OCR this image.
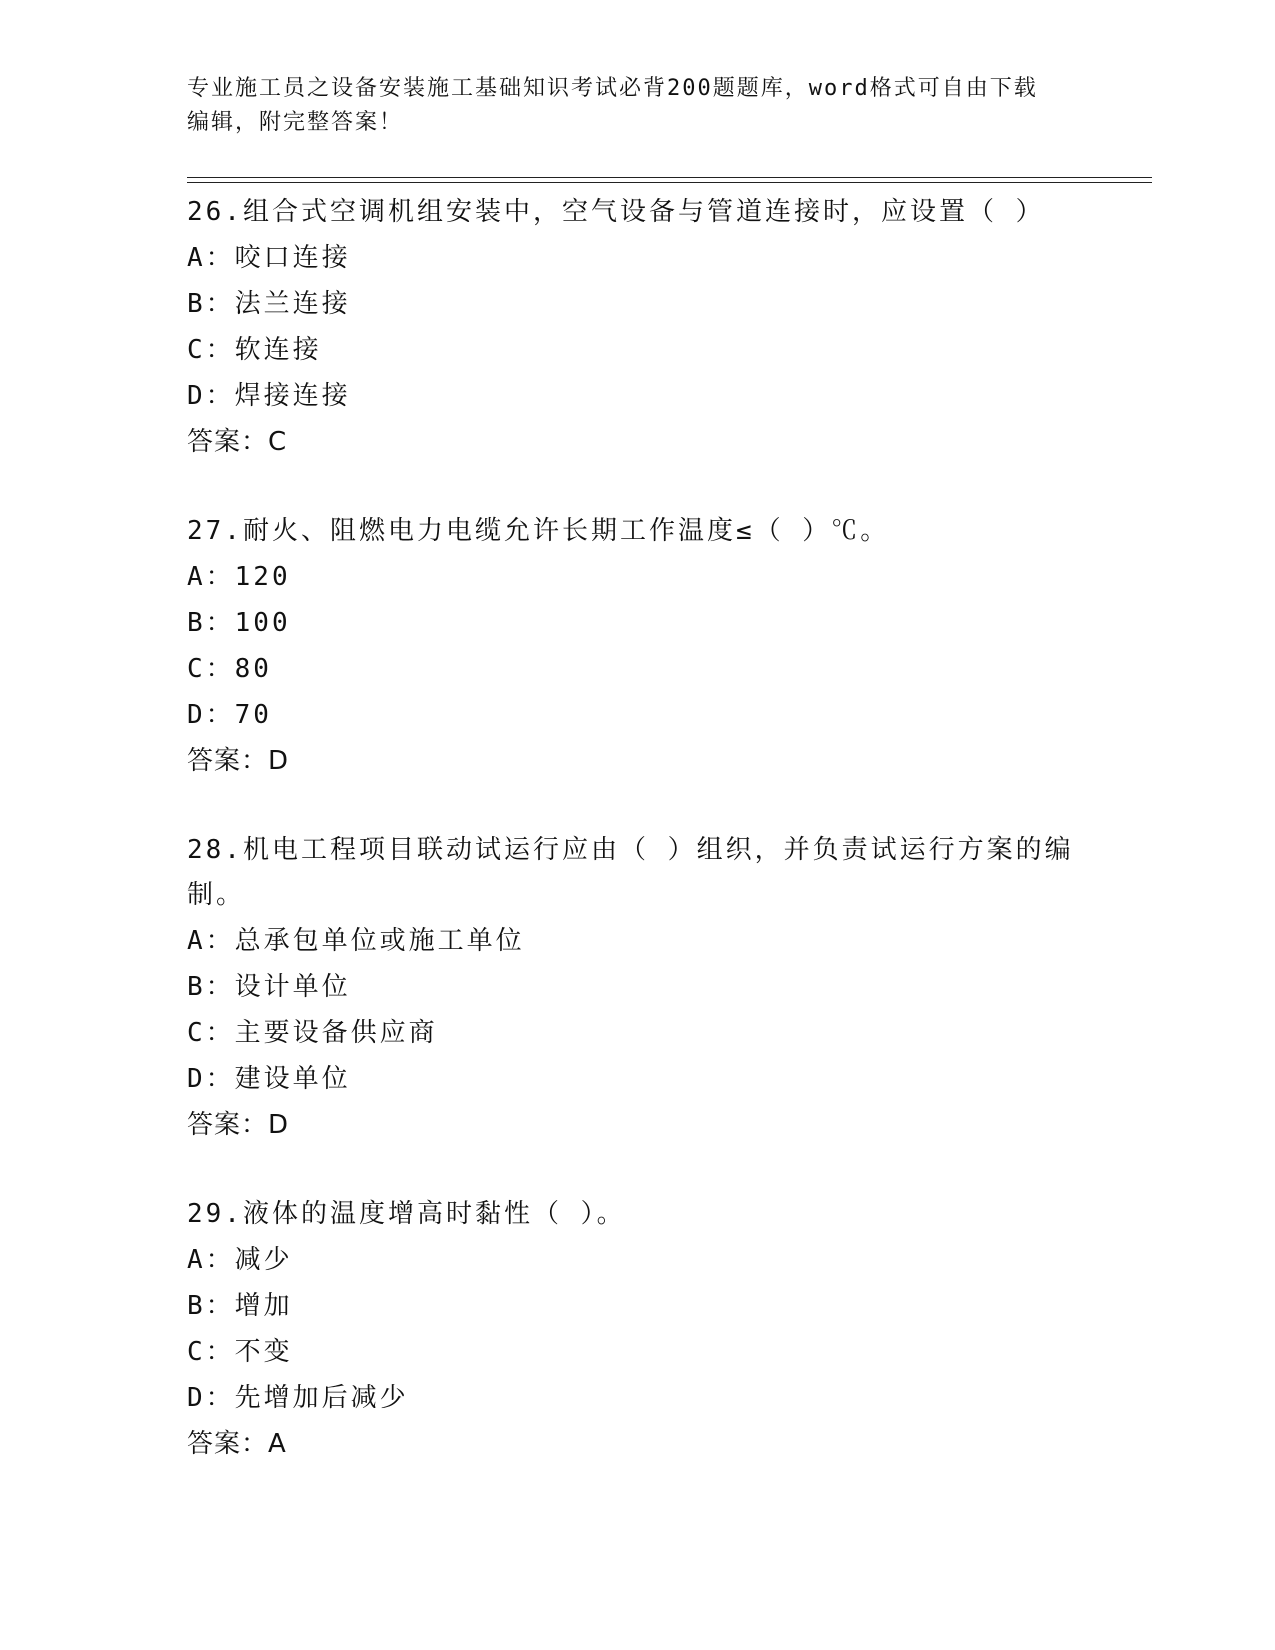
专业施工员之设备安装施工基础知识考试必背200题题库，word格式可自由下载
编辑，附完整答案！

26.组合式空调机组安装中，空气设备与管道连接时，应设置（ ）

A：咬口连接

B：法兰连接

C：软连接

D：焊接连接

答案：C

27.耐火、阻燃电力电缆允许长期工作温度≤（ ）℃。

A：120

B：100

C：80

D：70

答案：D

28.机电工程项目联动试运行应由（ ）组织，并负责试运行方案的编制。

A：总承包单位或施工单位

B：设计单位

C：主要设备供应商

D：建设单位

答案：D

29.液体的温度增高时黏性（ ）。

A：减少

B：增加

C：不变

D：先增加后减少

答案：A
